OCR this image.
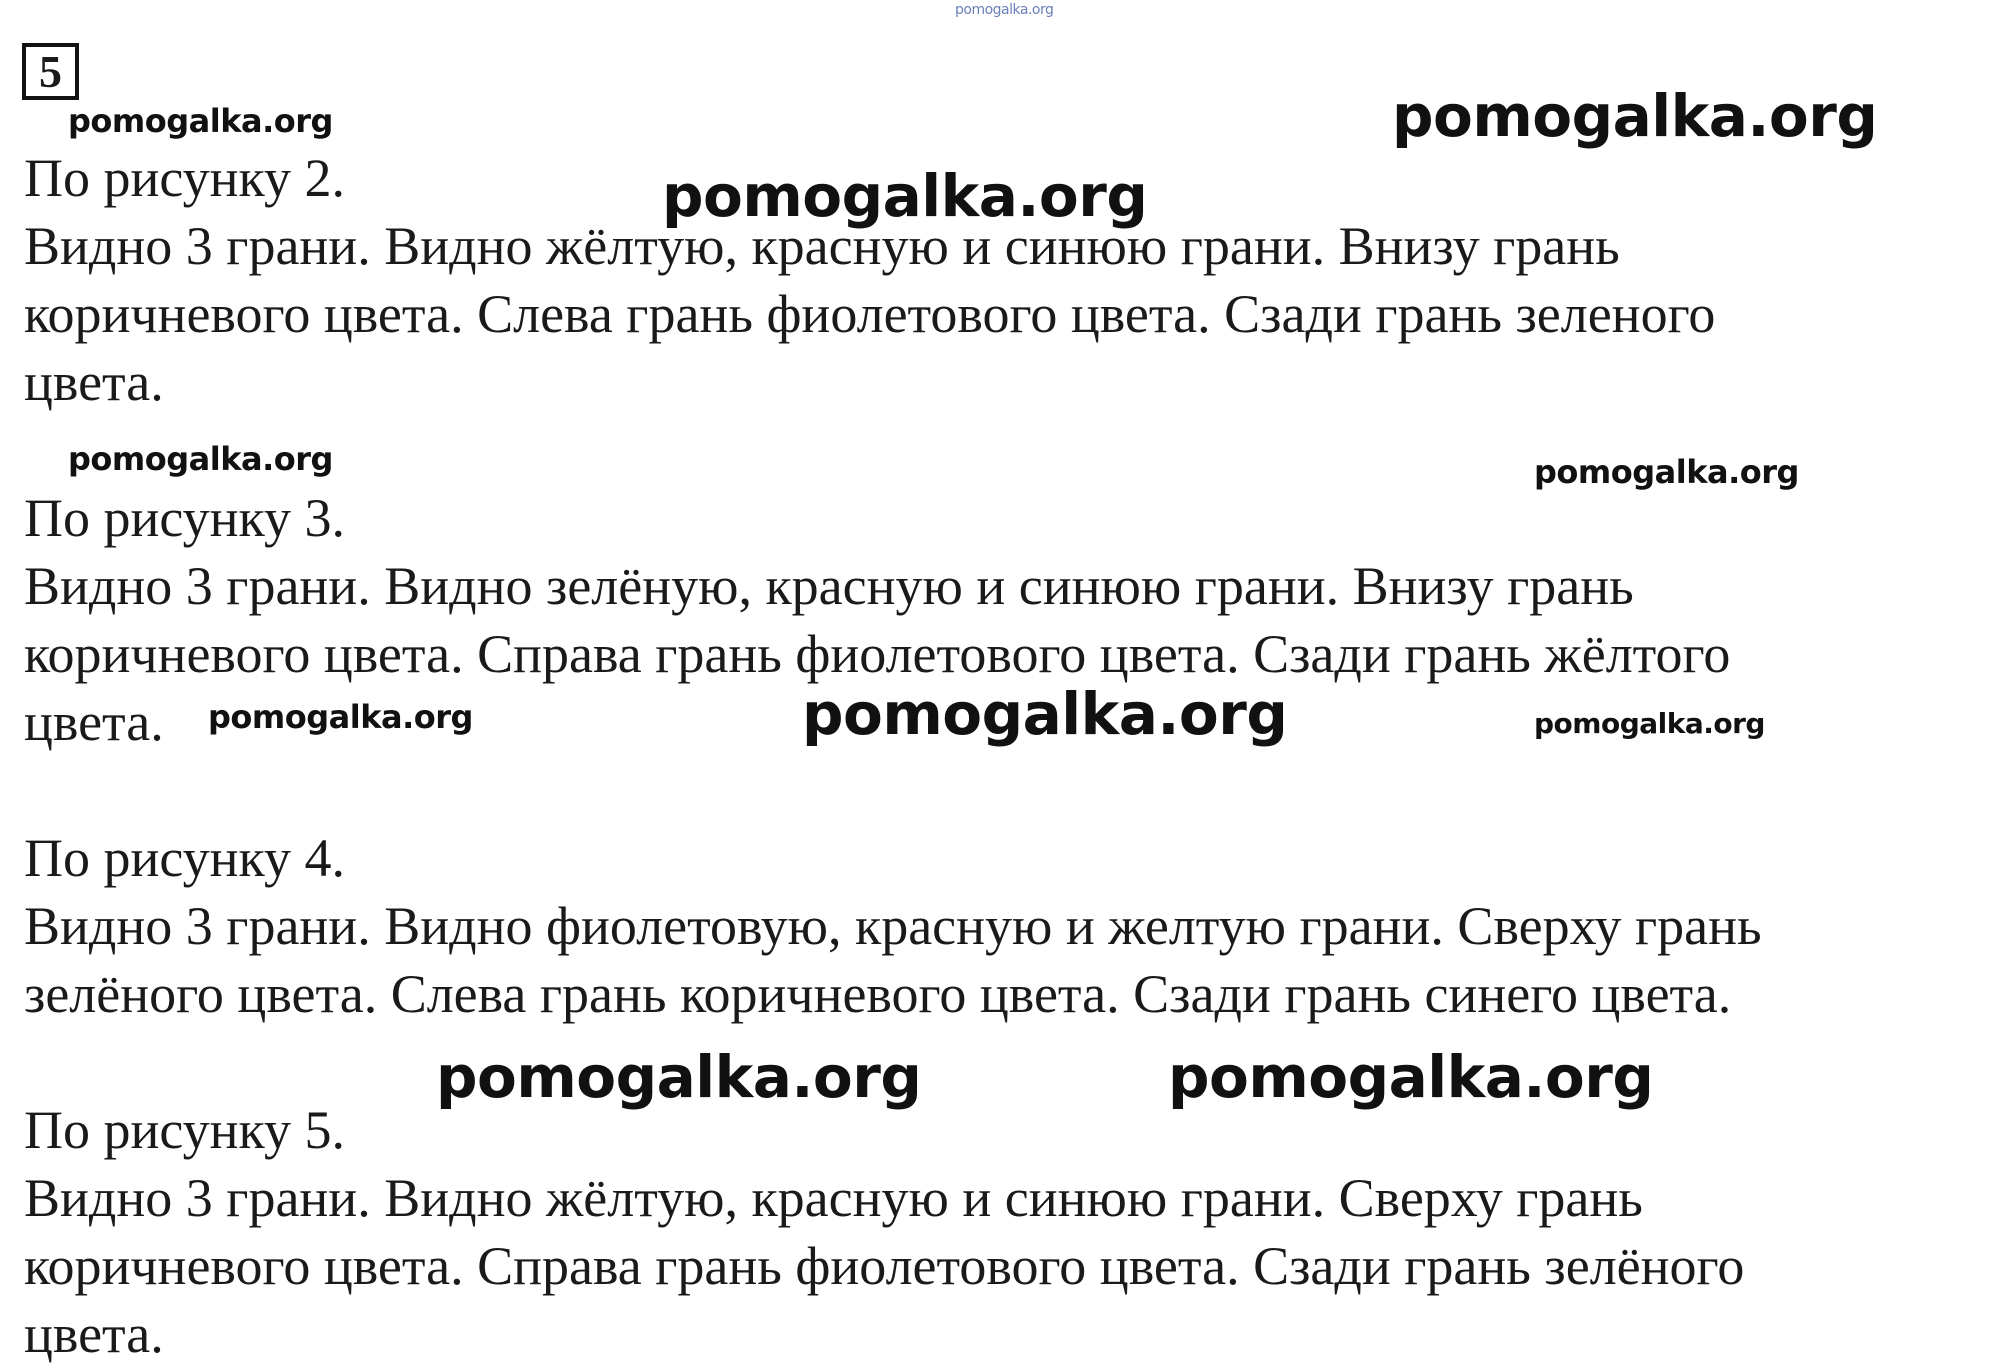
pomogalka.org
5
pomogalka.org	pomogalka.org
pomogalka.org

По рисунку 2.

Видно 3 грани. Видно жёлтую, красную и синюю грани. Внизу грань

коричневого цвета. Слева грань фиолетового цвета. Сзади грань зеленого

цвета.

pomogalka.org	pomogalka.org

По рисунку 3.

Видно 3 грани. Видно зелёную, красную и синюю грани. Внизу грань

коричневого цвета. Справа грань фиолетового цвета. Сзади грань жёлтого

цвета. pomogalka.org	pomogalka.org	pomogalka.org

По рисунку 4.

Видно 3 грани. Видно фиолетовую, красную и желтую грани. Сверху грань

зелёного цвета. Слева грань коричневого цвета. Сзади грань синего цвета.

pomogalka.org	pomogalka.org

По рисунку 5.

Видно 3 грани. Видно жёлтую, красную и синюю грани. Сверху грань

коричневого цвета. Справа грань фиолетового цвета. Сзади грань зелёного

цвета.
